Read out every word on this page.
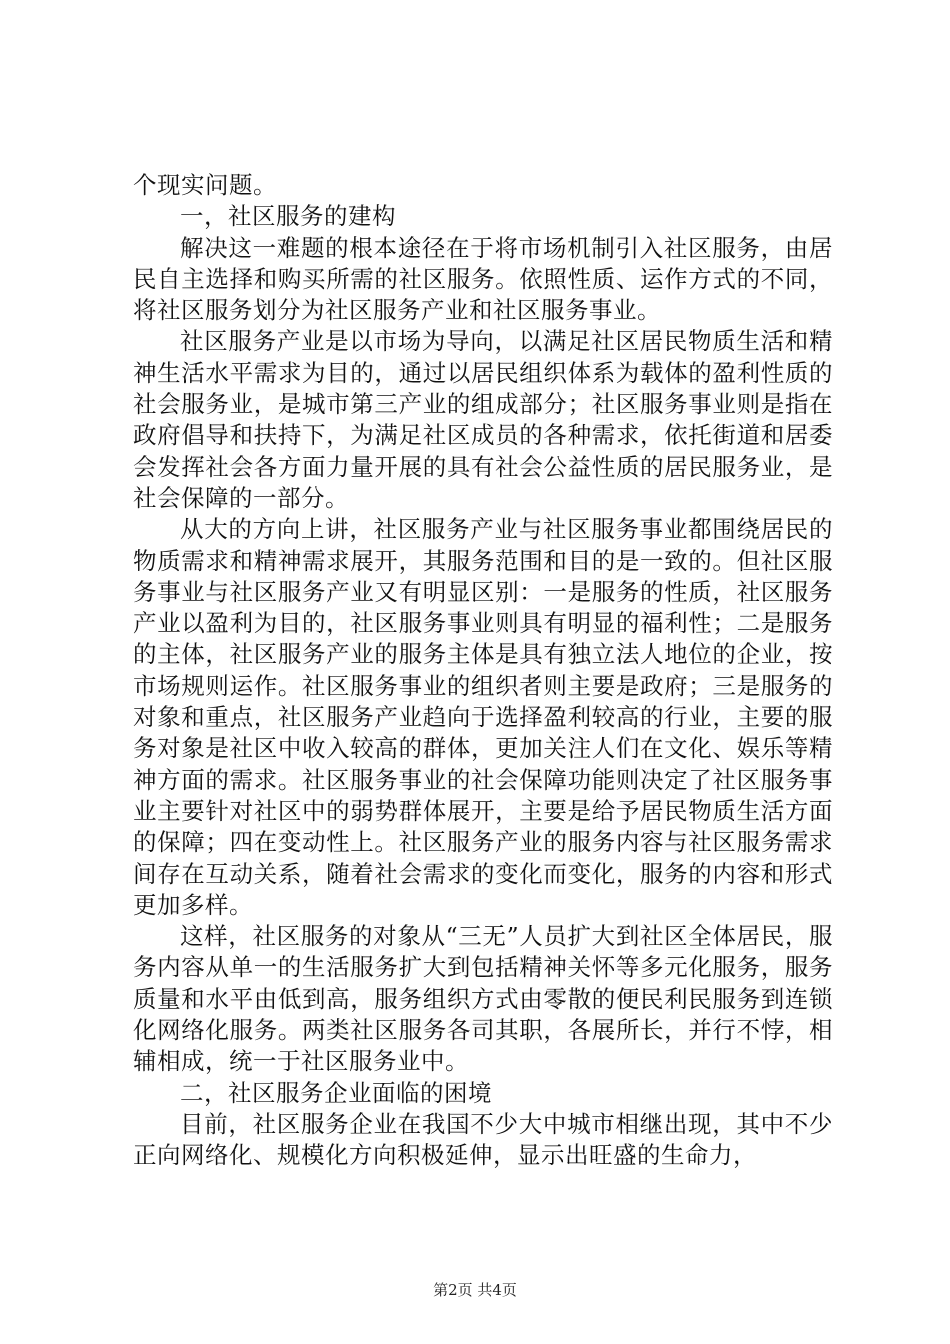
个现实问题。

一，社区服务的建构

解决这一难题的根本途径在于将市场机制引入社区服务，由居民自主选择和购买所需的社区服务。依照性质、运作方式的不同，将社区服务划分为社区服务产业和社区服务事业。

社区服务产业是以市场为导向，以满足社区居民物质生活和精神生活水平需求为目的，通过以居民组织体系为载体的盈利性质的社会服务业，是城市第三产业的组成部分；社区服务事业则是指在政府倡导和扶持下，为满足社区成员的各种需求，依托街道和居委会发挥社会各方面力量开展的具有社会公益性质的居民服务业，是社会保障的一部分。

从大的方向上讲，社区服务产业与社区服务事业都围绕居民的物质需求和精神需求展开，其服务范围和目的是一致的。但社区服务事业与社区服务产业又有明显区别：一是服务的性质，社区服务产业以盈利为目的，社区服务事业则具有明显的福利性；二是服务的主体，社区服务产业的服务主体是具有独立法人地位的企业，按市场规则运作。社区服务事业的组织者则主要是政府；三是服务的对象和重点，社区服务产业趋向于选择盈利较高的行业，主要的服务对象是社区中收入较高的群体，更加关注人们在文化、娱乐等精神方面的需求。社区服务事业的社会保障功能则决定了社区服务事业主要针对社区中的弱势群体展开，主要是给予居民物质生活方面的保障；四在变动性上。社区服务产业的服务内容与社区服务需求间存在互动关系，随着社会需求的变化而变化，服务的内容和形式更加多样。

这样，社区服务的对象从“三无”人员扩大到社区全体居民，服务内容从单一的生活服务扩大到包括精神关怀等多元化服务，服务质量和水平由低到高，服务组织方式由零散的便民利民服务到连锁化网络化服务。两类社区服务各司其职，各展所长，并行不悖，相辅相成，统一于社区服务业中。

二，社区服务企业面临的困境

目前，社区服务企业在我国不少大中城市相继出现，其中不少正向网络化、规模化方向积极延伸，显示出旺盛的生命力，

第2页 共4页
